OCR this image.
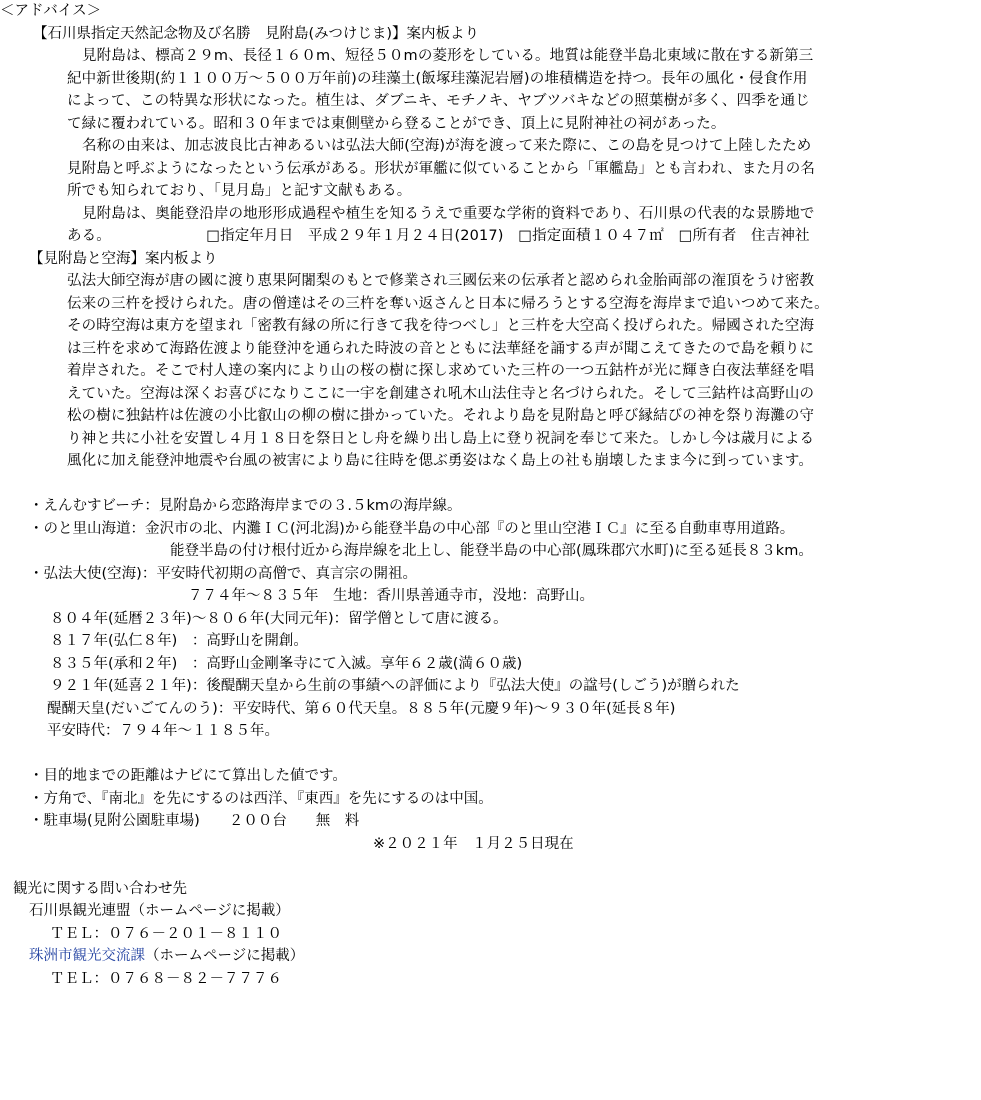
＜アドバイス＞
【石川県指定天然記念物及び名勝　見附島(みつけじま)】案内板より
見附島は、標高２９m、長径１６０m、短径５０mの菱形をしている。地質は能登半島北東域に散在する新第三
紀中新世後期(約１１００万～５００万年前)の珪藻土(飯塚珪藻泥岩層)の堆積構造を持つ。長年の風化・侵食作用
によって、この特異な形状になった。植生は、ダブニキ、モチノキ、ヤブツバキなどの照葉樹が多く、四季を通じ
て緑に覆われている。昭和３０年までは東側壁から登ることができ、頂上に見附神社の祠があった。
名称の由来は、加志波良比古神あるいは弘法大師(空海)が海を渡って来た際に、この島を見つけて上陸したため
見附島と呼ぶようになったという伝承がある。形状が軍艦に似ていることから「軍艦島」とも言われ、また月の名
所でも知られており、「見月島」と記す文献もある。
見附島は、奥能登沿岸の地形形成過程や植生を知るうえで重要な学術的資料であり、石川県の代表的な景勝地で
ある。　　　　　　　□指定年月日　平成２９年１月２４日(2017)　□指定面積１０４７㎡　□所有者　住吉神社
【見附島と空海】案内板より
弘法大師空海が唐の國に渡り恵果阿闍梨のもとで修業され三國伝来の伝承者と認められ金胎両部の潅頂をうけ密教
伝来の三杵を授けられた。唐の僧達はその三杵を奪い返さんと日本に帰ろうとする空海を海岸まで追いつめて来た。
その時空海は東方を望まれ「密教有縁の所に行きて我を待つべし」と三杵を大空高く投げられた。帰國された空海
は三杵を求めて海路佐渡より能登沖を通られた時波の音とともに法華経を誦する声が聞こえてきたので島を頼りに
着岸された。そこで村人達の案内により山の桜の樹に探し求めていた三杵の一つ五鈷杵が光に輝き白夜法華経を唱
えていた。空海は深くお喜びになりここに一宇を創建され吼木山法住寺と名づけられた。そして三鈷杵は高野山の
松の樹に独鈷杵は佐渡の小比叡山の柳の樹に掛かっていた。それより島を見附島と呼び縁結びの神を祭り海灘の守
り神と共に小社を安置し４月１８日を祭日とし舟を繰り出し島上に登り祝詞を奉じて来た。しかし今は歳月による
風化に加え能登沖地震や台風の被害により島に往時を偲ぶ勇姿はなく島上の社も崩壊したまま今に到っています。
・えんむすビーチ：見附島から恋路海岸までの３.５kmの海岸線。
・のと里山海道：金沢市の北、内灘ＩＣ(河北潟)から能登半島の中心部『のと里山空港ＩＣ』に至る自動車専用道路。
能登半島の付け根付近から海岸線を北上し、能登半島の中心部(鳳珠郡穴水町)に至る延長８３km。
・弘法大使(空海)：平安時代初期の高僧で、真言宗の開祖。
７７４年～８３５年　生地：香川県善通寺市，没地：高野山。
８０４年(延暦２３年)～８０６年(大同元年)：留学僧として唐に渡る。
８１７年(弘仁８年)　：高野山を開創。
８３５年(承和２年)　：高野山金剛峯寺にて入滅。享年６２歳(満６０歳)
９２１年(延喜２１年)：後醍醐天皇から生前の事績への評価により『弘法大使』の諡号(しごう)が贈られた
醍醐天皇(だいごてんのう)：平安時代、第６０代天皇。８８５年(元慶９年)～９３０年(延長８年)
平安時代：７９４年～１１８５年。
・目的地までの距離はナビにて算出した値です。
・方角で、『南北』を先にするのは西洋、『東西』を先にするのは中国。
・駐車場(見附公園駐車場)　　２００台　　無　料
※２０２１年　１月２５日現在
観光に関する問い合わせ先
石川県観光連盟（ホームページに掲載）
ＴＥＬ：０７６－２０１－８１１０
珠洲市観光交流課（ホームページに掲載）
ＴＥＬ：０７６８－８２－７７７６
